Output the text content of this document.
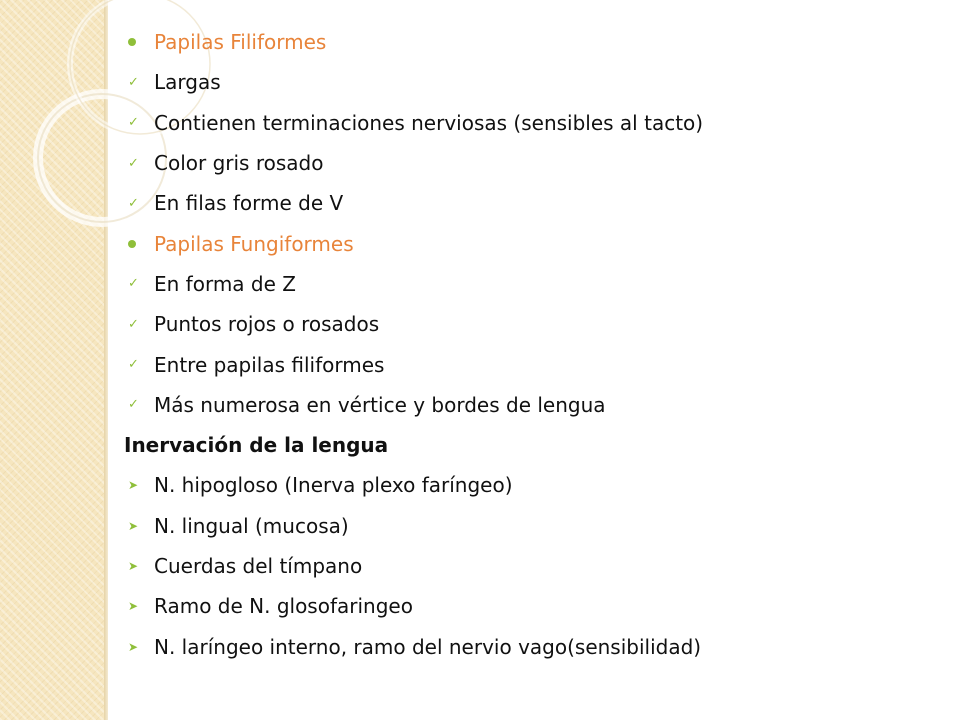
Papilas Filiformes
✓ Largas
✓ Contienen terminaciones nerviosas (sensibles al tacto)
✓ Color gris rosado
✓ En filas forme de V
Papilas Fungiformes
✓ En forma de Z
✓ Puntos rojos o rosados
✓ Entre papilas filiformes
✓ Más numerosa en vértice y bordes de lengua
Inervación de la lengua
➤ N. hipogloso (Inerva plexo faríngeo)
➤ N. lingual (mucosa)
➤ Cuerdas del tímpano
➤ Ramo de N. glosofaringeo
➤ N. laríngeo interno, ramo del nervio vago(sensibilidad)
